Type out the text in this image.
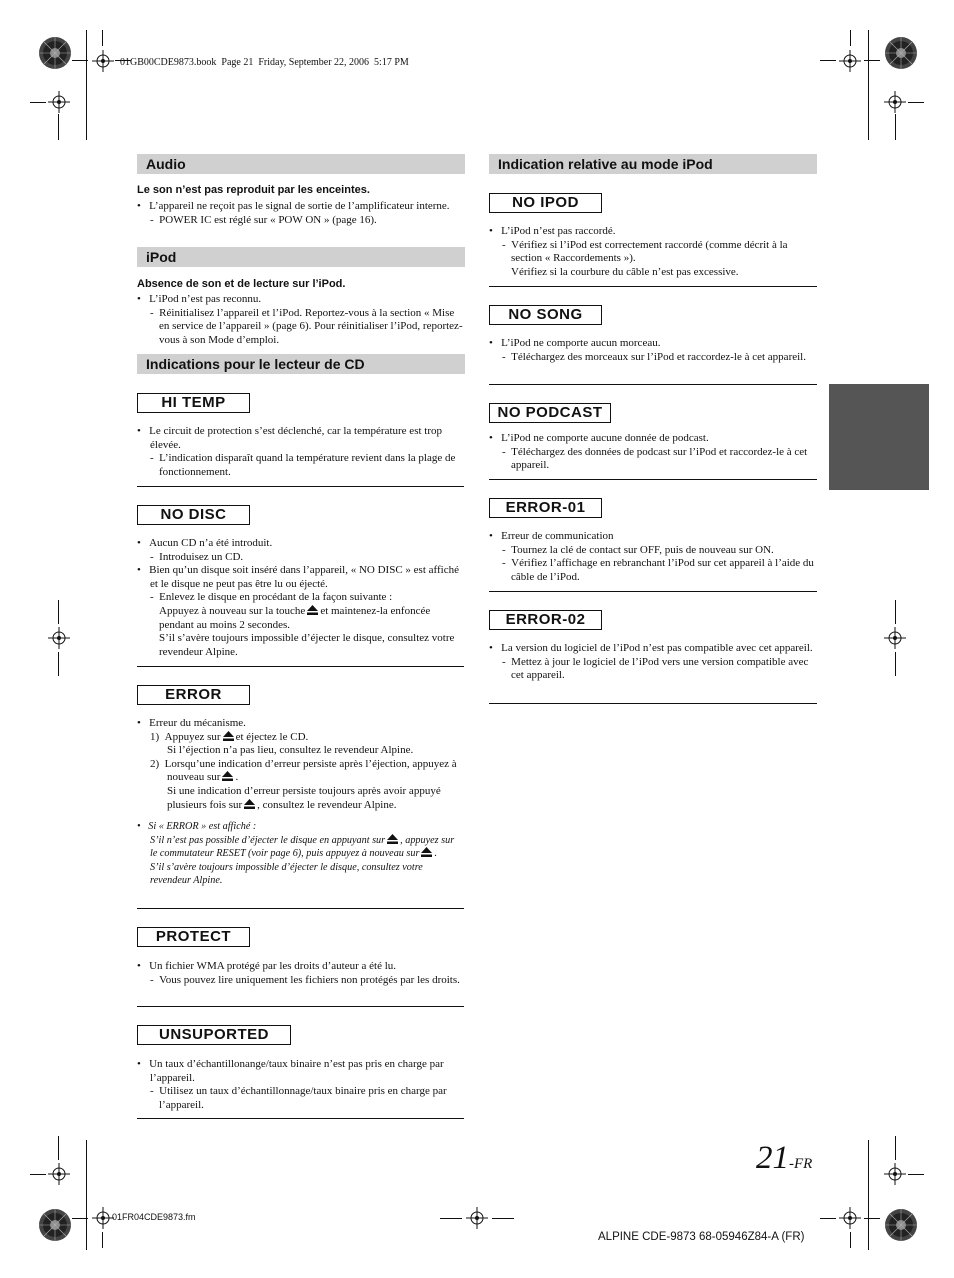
01GB00CDE9873.book  Page 21  Friday, September 22, 2006  5:17 PM
Audio
Le son n’est pas reproduit par les enceintes.

•   L’appareil ne reçoit pas le signal de sortie de l’amplificateur interne.

-  POWER IC est réglé sur « POW ON » (page 16).

iPod
Absence de son et de lecture sur l’iPod.

•   L’iPod n’est pas reconnu.

-  Réinitialisez l’appareil et l’iPod. Reportez-vous à la section « Mise en service de l’appareil » (page 6). Pour réinitialiser l’iPod, reportez-vous à son Mode d’emploi.

Indications pour le lecteur de CD
HI TEMP

•   Le circuit de protection s’est déclenché, car la température est trop élevée.

-  L’indication disparaît quand la température revient dans la plage de fonctionnement.

NO DISC

•   Aucun CD n’a été introduit.

-  Introduisez un CD.

•   Bien qu’un disque soit inséré dans l’appareil, « NO DISC » est affiché et le disque ne peut pas être lu ou éjecté.

-  Enlevez le disque en procédant de la façon suivante :

Appuyez à nouveau sur la touche et maintenez-la enfoncée pendant au moins 2 secondes.

S’il s’avère toujours impossible d’éjecter le disque, consultez votre revendeur Alpine.

ERROR

•   Erreur du mécanisme.

1) Appuyez sur et éjectez le CD.

Si l’éjection n’a pas lieu, consultez le revendeur Alpine.

2) Lorsqu’une indication d’erreur persiste après l’éjection, appuyez à nouveau sur .

Si une indication d’erreur persiste toujours après avoir appuyé plusieurs fois sur , consultez le revendeur Alpine.

•   Si « ERROR » est affiché :

S’il n’est pas possible d’éjecter le disque en appuyant sur , appuyez sur le commutateur RESET (voir page 6), puis appuyez à nouveau sur .

S’il s’avère toujours impossible d’éjecter le disque, consultez votre revendeur Alpine.

PROTECT

•   Un fichier WMA protégé par les droits d’auteur a été lu.

-  Vous pouvez lire uniquement les fichiers non protégés par les droits.

UNSUPORTED

•   Un taux d’échantillonange/taux binaire n’est pas pris en charge par l’appareil.

-  Utilisez un taux d’échantillonnage/taux binaire pris en charge par l’appareil.

Indication relative au mode iPod
NO IPOD

•   L’iPod n’est pas raccordé.

-  Vérifiez si l’iPod est correctement raccordé (comme décrit à la section « Raccordements »).

Vérifiez si la courbure du câble n’est pas excessive.

NO SONG

•   L’iPod ne comporte aucun morceau.

-  Téléchargez des morceaux sur l’iPod et raccordez-le à cet appareil.

NO PODCAST

•   L’iPod ne comporte aucune donnée de podcast.

-  Téléchargez des données de podcast sur l’iPod et raccordez-le à cet appareil.

ERROR-01

•   Erreur de communication

-  Tournez la clé de contact sur OFF, puis de nouveau sur ON.

-  Vérifiez l’affichage en rebranchant l’iPod sur cet appareil à l’aide du câble de l’iPod.

ERROR-02

•   La version du logiciel de l’iPod n’est pas compatible avec cet appareil.

-  Mettez à jour le logiciel de l’iPod vers une version compatible avec cet appareil.

21-FR
01FR04CDE9873.fm
ALPINE CDE-9873 68-05946Z84-A (FR)
